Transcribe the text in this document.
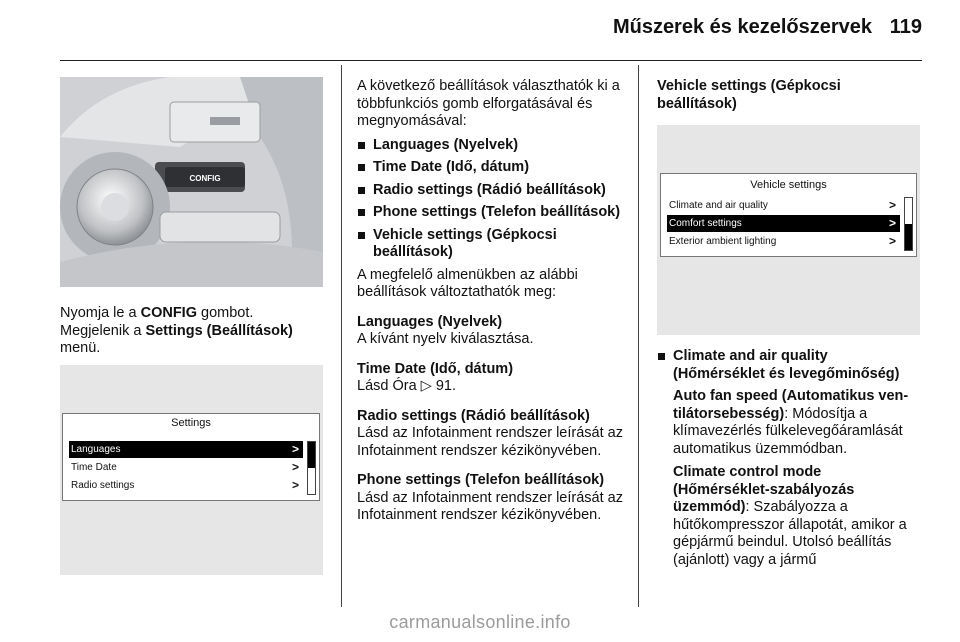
Műszerek és kezelőszervek 119
CONFIG

Nyomja le a CONFIG gombot.

Megjelenik a Settings (Beállítások)

menü.

Settings
Languages	>
Time Date	>
Radio settings	>

A következő beállítások választhatók ki a többfunkciós gomb elforgatásával és megnyomásával:

Languages (Nyelvek)
Time Date (Idő, dátum)
Radio settings (Rádió beállítások)
Phone settings (Telefon beállítások)
Vehicle settings (Gépkocsi beállítások)

A megfelelő almenükben az alábbi beállítások változtathatók meg:

Languages (Nyelvek)

A kívánt nyelv kiválasztása.

Time Date (Idő, dátum)

Lásd Óra ▷ 91.

Radio settings (Rádió beállítások)

Lásd az Infotainment rendszer leírását az Infotainment rendszer kézikönyvében.

Phone settings (Telefon beállítások)

Lásd az Infotainment rendszer leírását az Infotainment rendszer kézikönyvében.

Vehicle settings (Gépkocsi beállítások)
Vehicle settings
Climate and air quality	>
Comfort settings	>
Exterior ambient lighting	>
Climate and air quality (Hőmérséklet és levegőminőség)

Auto fan speed (Automatikus ventilátorsebesség): Módosítja a klímavezérlés fülkelevegőáramlását automatikus üzemmódban.

Climate control mode (Hőmérséklet-szabályozás üzemmód): Szabályozza a hűtőkompresszor állapotát, amikor a gépjármű beindul. Utolsó beállítás (ajánlott) vagy a jármű

carmanualsonline.info
